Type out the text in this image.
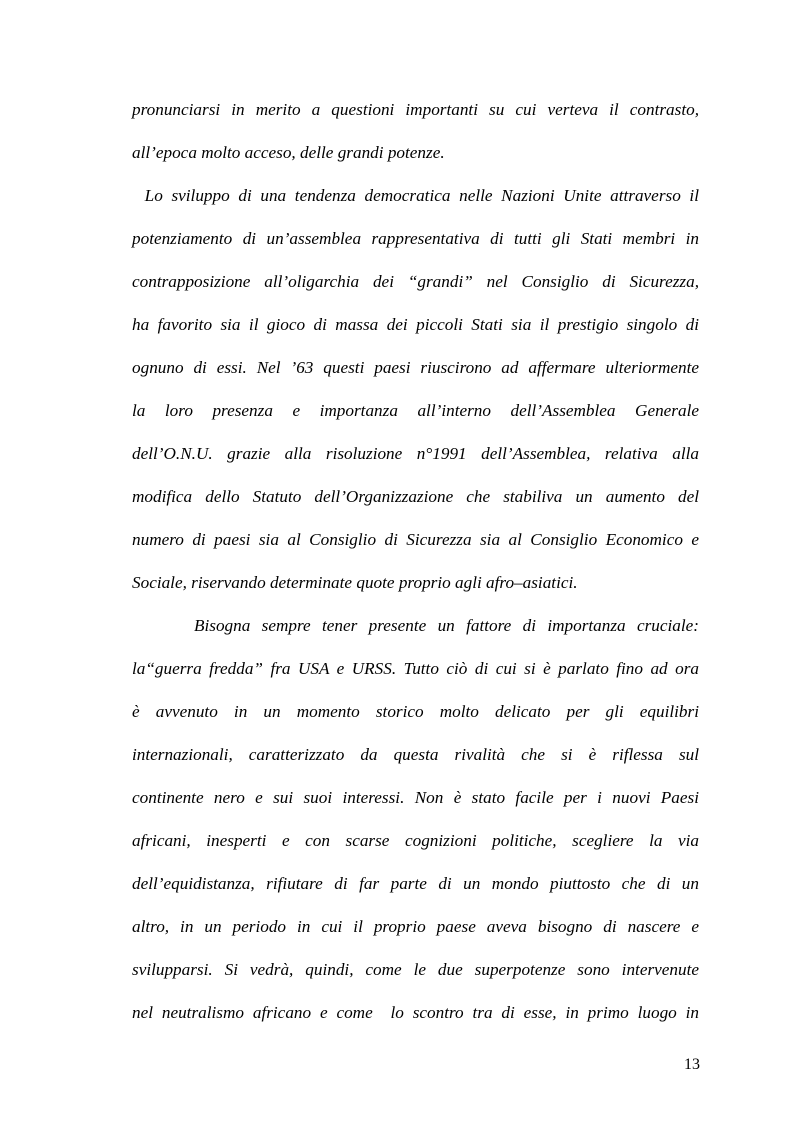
pronunciarsi in merito a questioni importanti su cui verteva il contrasto,
all’epoca molto acceso, delle grandi potenze.
Lo sviluppo di una tendenza democratica nelle Nazioni Unite attraverso il
potenziamento di un’assemblea rappresentativa di tutti gli Stati membri in
contrapposizione all’oligarchia dei “grandi” nel Consiglio di Sicurezza,
ha favorito sia il gioco di massa dei piccoli Stati sia il prestigio singolo di
ognuno di essi. Nel ’63 questi paesi riuscirono ad affermare ulteriormente
la loro presenza e importanza all’interno dell’Assemblea Generale
dell’O.N.U. grazie alla risoluzione n°1991 dell’Assemblea, relativa alla
modifica dello Statuto dell’Organizzazione che stabiliva un aumento del
numero di paesi sia al Consiglio di Sicurezza sia al Consiglio Economico e
Sociale, riservando determinate quote proprio agli afro–asiatici.
Bisogna sempre tener presente un fattore di importanza cruciale:
la“guerra fredda” fra USA e URSS. Tutto ciò di cui si è parlato fino ad ora
è avvenuto in un momento storico molto delicato per gli equilibri
internazionali, caratterizzato da questa rivalità che si è riflessa sul
continente nero e sui suoi interessi. Non è stato facile per i nuovi Paesi
africani, inesperti e con scarse cognizioni politiche, scegliere la via
dell’equidistanza, rifiutare di far parte di un mondo piuttosto che di un
altro, in un periodo in cui il proprio paese aveva bisogno di nascere e
svilupparsi. Si vedrà, quindi, come le due superpotenze sono intervenute
nel neutralismo africano e come  lo scontro tra di esse, in primo luogo in
13
